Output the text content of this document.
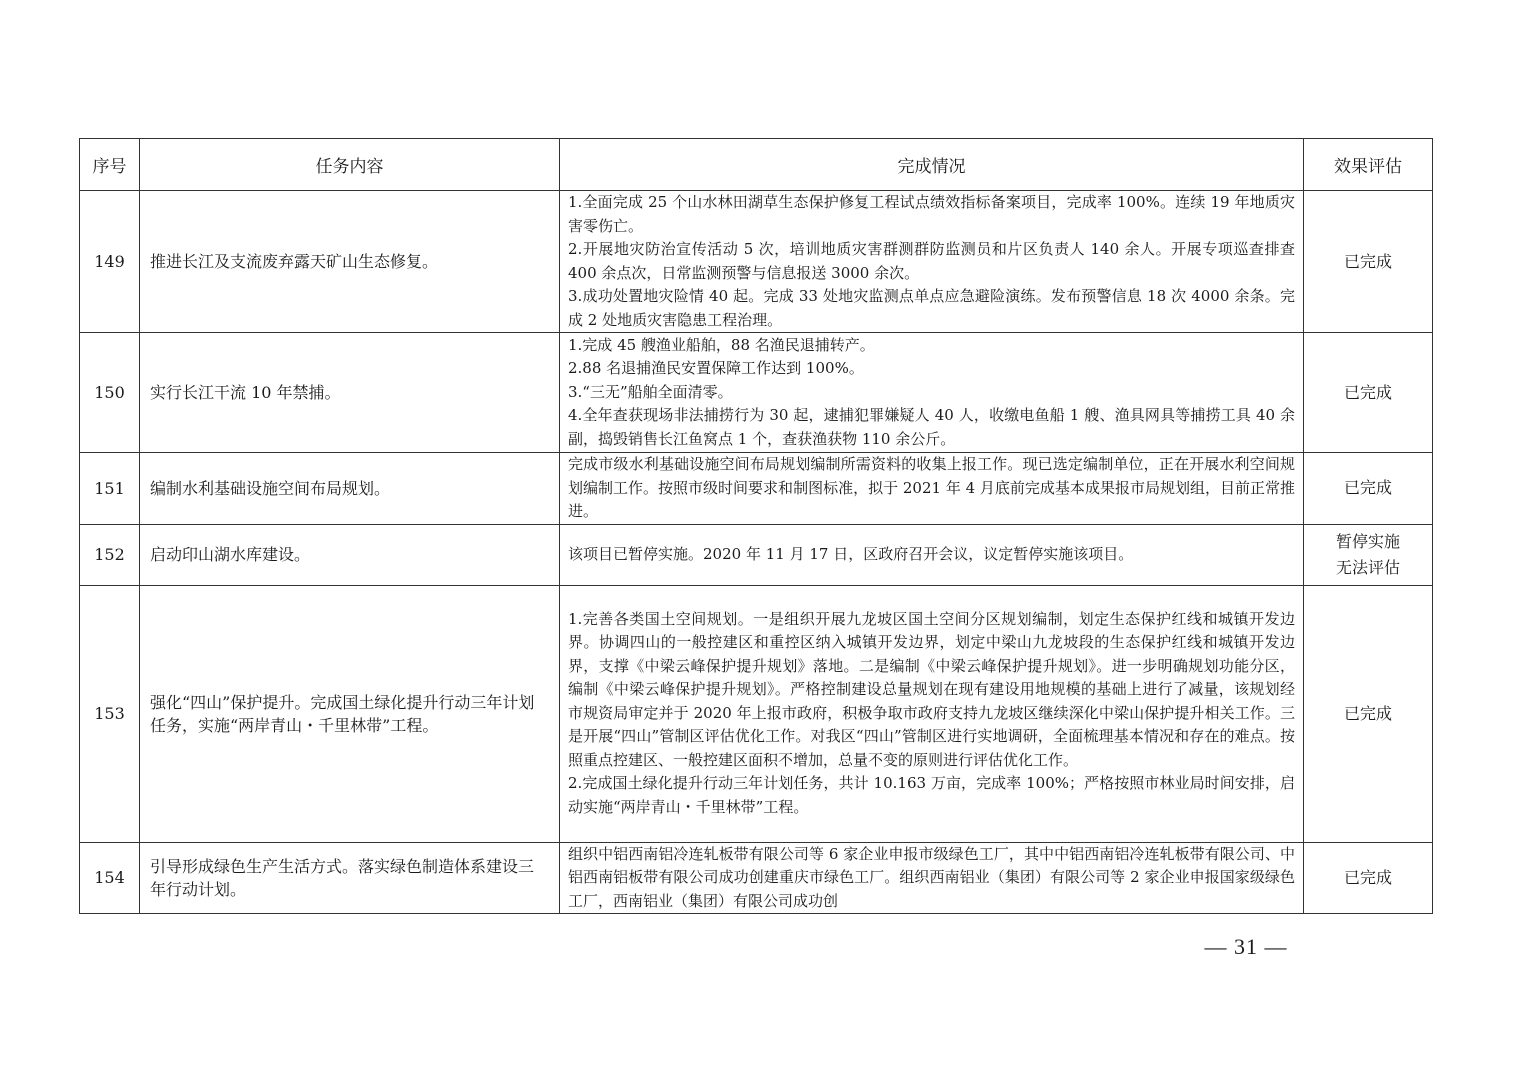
序号	任务内容	完成情况	效果评估
149	推进长江及支流废弃露天矿山生态修复。	1.全面完成 25 个山水林田湖草生态保护修复工程试点绩效指标备案项目，完成率 100%。连续 19 年地质灾害零伤亡。
2.开展地灾防治宣传活动 5 次，培训地质灾害群测群防监测员和片区负责人 140 余人。开展专项巡查排查 400 余点次，日常监测预警与信息报送 3000 余次。
3.成功处置地灾险情 40 起。完成 33 处地灾监测点单点应急避险演练。发布预警信息 18 次 4000 余条。完成 2 处地质灾害隐患工程治理。	已完成

150	实行长江干流 10 年禁捕。	1.完成 45 艘渔业船舶，88 名渔民退捕转产。
2.88 名退捕渔民安置保障工作达到 100%。
3.“三无”船舶全面清零。
4.全年查获现场非法捕捞行为 30 起，逮捕犯罪嫌疑人 40 人，收缴电鱼船 1 艘、渔具网具等捕捞工具 40 余副，捣毁销售长江鱼窝点 1 个，查获渔获物 110 余公斤。	已完成

151	编制水利基础设施空间布局规划。	完成市级水利基础设施空间布局规划编制所需资料的收集上报工作。现已选定编制单位，正在开展水利空间规划编制工作。按照市级时间要求和制图标准，拟于 2021 年 4 月底前完成基本成果报市局规划组，目前正常推进。	已完成

152	启动印山湖水库建设。	该项目已暂停实施。2020 年 11 月 17 日，区政府召开会议，议定暂停实施该项目。	暂停实施
无法评估

153	强化“四山”保护提升。完成国土绿化提升行动三年计划任务，实施“两岸青山・千里林带”工程。	1.完善各类国土空间规划。一是组织开展九龙坡区国土空间分区规划编制，划定生态保护红线和城镇开发边界。协调四山的一般控建区和重控区纳入城镇开发边界，划定中梁山九龙坡段的生态保护红线和城镇开发边界，支撑《中梁云峰保护提升规划》落地。二是编制《中梁云峰保护提升规划》。进一步明确规划功能分区，编制《中梁云峰保护提升规划》。严格控制建设总量规划在现有建设用地规模的基础上进行了减量，该规划经市规资局审定并于 2020 年上报市政府，积极争取市政府支持九龙坡区继续深化中梁山保护提升相关工作。三是开展“四山”管制区评估优化工作。对我区“四山”管制区进行实地调研，全面梳理基本情况和存在的难点。按照重点控建区、一般控建区面积不增加，总量不变的原则进行评估优化工作。
2.完成国土绿化提升行动三年计划任务，共计 10.163 万亩，完成率 100%；严格按照市林业局时间安排，启动实施“两岸青山・千里林带”工程。	已完成

154	引导形成绿色生产生活方式。落实绿色制造体系建设三年行动计划。	组织中铝西南铝冷连轧板带有限公司等 6 家企业申报市级绿色工厂，其中中铝西南铝冷连轧板带有限公司、中铝西南铝板带有限公司成功创建重庆市绿色工厂。组织西南铝业（集团）有限公司等 2 家企业申报国家级绿色工厂，西南铝业（集团）有限公司成功创	已完成
— 31 —
